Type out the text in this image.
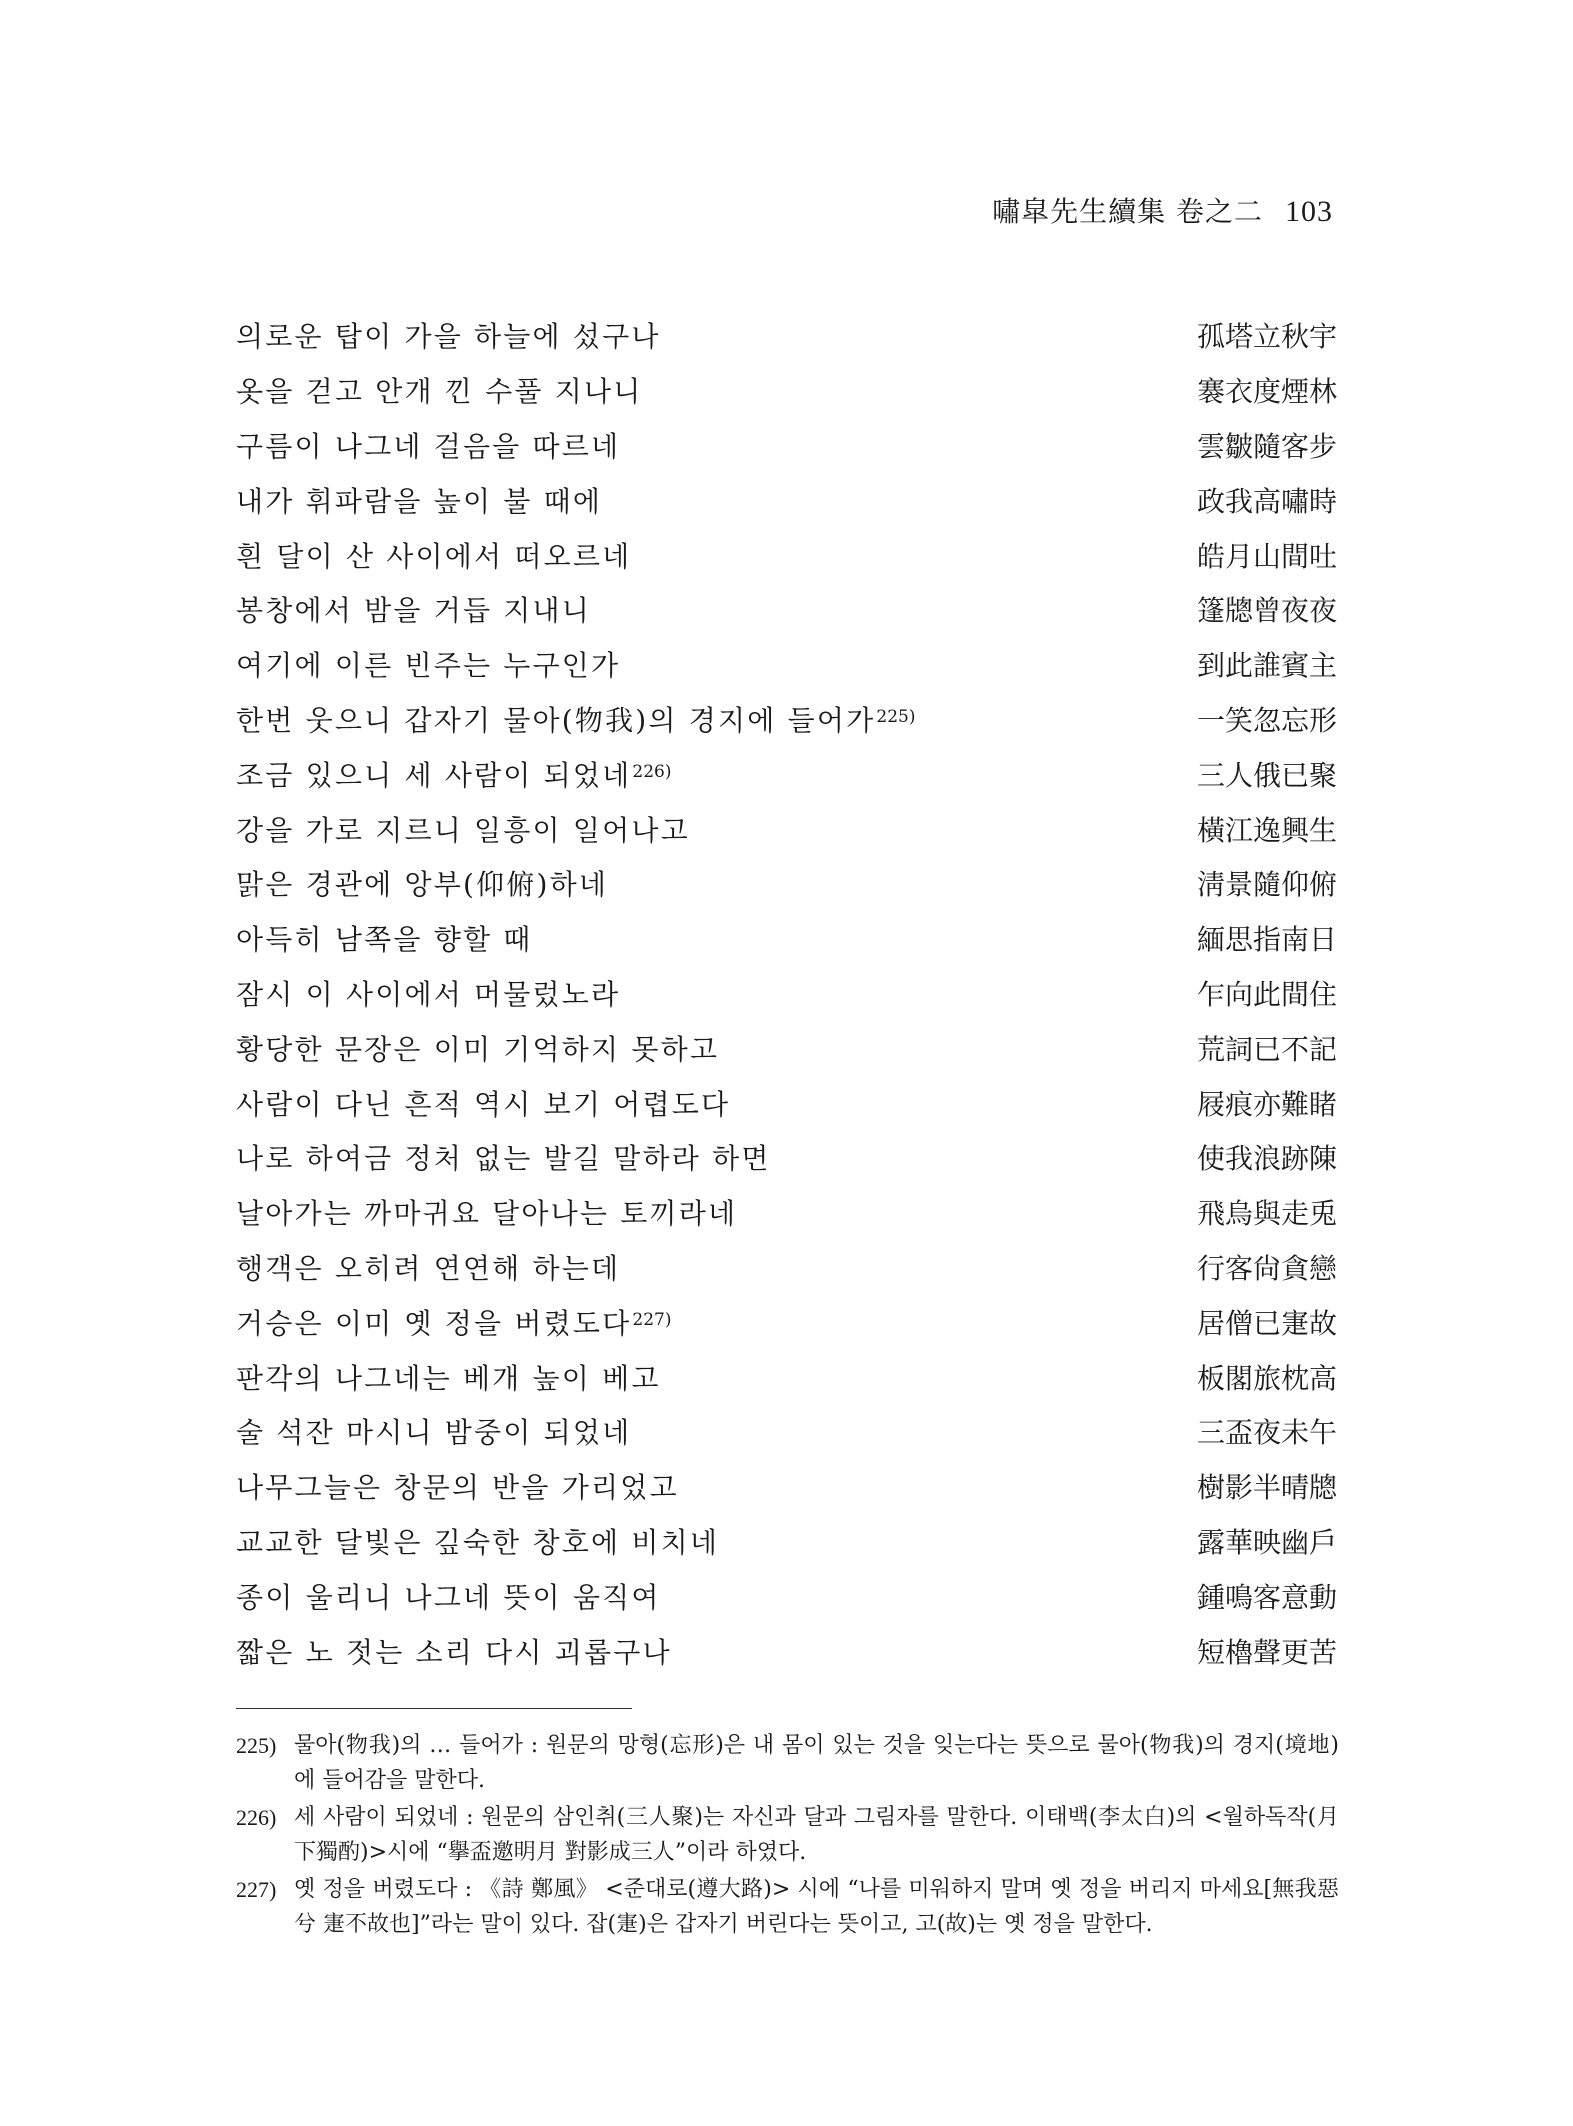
嘯皐先生續集 卷之二 103
의로운 탑이 가을 하늘에 섰구나	孤塔立秋宇
옷을 걷고 안개 낀 수풀 지나니	褰衣度煙林
구름이 나그네 걸음을 따르네	雲皺隨客步
내가 휘파람을 높이 불 때에	政我高嘯時
흰 달이 산 사이에서 떠오르네	皓月山間吐
봉창에서 밤을 거듭 지내니	篷牕曾夜夜
여기에 이른 빈주는 누구인가	到此誰賓主
한번 웃으니 갑자기 물아(物我)의 경지에 들어가$^{225)}$	一笑忽忘形
조금 있으니 세 사람이 되었네$^{226)}$	三人俄已聚
강을 가로 지르니 일흥이 일어나고	橫江逸興生
맑은 경관에 앙부(仰俯)하네	淸景隨仰俯
아득히 남쪽을 향할 때	緬思指南日
잠시 이 사이에서 머물렀노라	乍向此間住
황당한 문장은 이미 기억하지 못하고	荒詞已不記
사람이 다닌 흔적 역시 보기 어렵도다	屐痕亦難睹
나로 하여금 정처 없는 발길 말하라 하면	使我浪跡陳
날아가는 까마귀요 달아나는 토끼라네	飛烏與走兎
행객은 오히려 연연해 하는데	行客尙貪戀
거승은 이미 옛 정을 버렸도다$^{227)}$	居僧已寁故
판각의 나그네는 베개 높이 베고	板閣旅枕高
술 석잔 마시니 밤중이 되었네	三盃夜未午
나무그늘은 창문의 반을 가리었고	樹影半晴牕
교교한 달빛은 깊숙한 창호에 비치네	露華映幽戶
종이 울리니 나그네 뜻이 움직여	鍾鳴客意動
짧은 노 젓는 소리 다시 괴롭구나	短櫓聲更苦
225) 물아(物我)의 … 들어가 : 원문의 망형(忘形)은 내 몸이 있는 것을 잊는다는 뜻으로 물아(物我)의 경지(境地)에 들어감을 말한다.
226) 세 사람이 되었네 : 원문의 삼인취(三人聚)는 자신과 달과 그림자를 말한다. 이태백(李太白)의 <월하독작(月下獨酌)>시에 “擧盃邀明月 對影成三人”이라 하였다.
227) 옛 정을 버렸도다 : 《詩 鄭風》 <준대로(遵大路)> 시에 “나를 미워하지 말며 옛 정을 버리지 마세요[無我惡兮 寁不故也]”라는 말이 있다. 잡(寁)은 갑자기 버린다는 뜻이고, 고(故)는 옛 정을 말한다.
